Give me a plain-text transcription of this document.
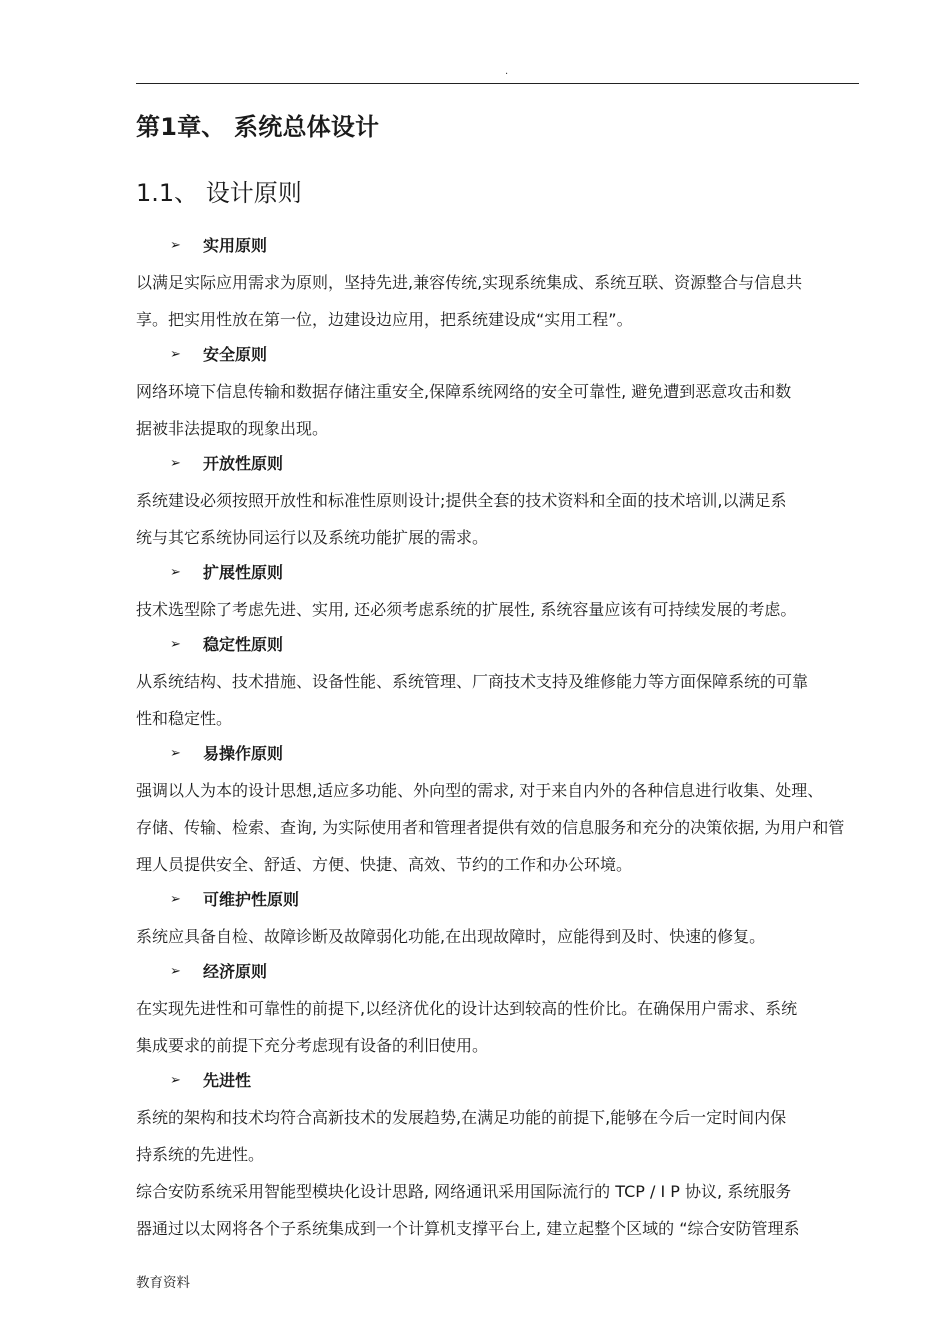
.
第1章、 系统总体设计
1.1、 设计原则
➢	实用原则
以满足实际应用需求为原则，坚持先进,兼容传统,实现系统集成、系统互联、资源整合与信息共
享。把实用性放在第一位，边建设边应用，把系统建设成“实用工程”。
➢	安全原则
网络环境下信息传输和数据存储注重安全,保障系统网络的安全可靠性, 避免遭到恶意攻击和数
据被非法提取的现象出现。
➢	开放性原则
系统建设必须按照开放性和标准性原则设计;提供全套的技术资料和全面的技术培训,以满足系
统与其它系统协同运行以及系统功能扩展的需求。
➢	扩展性原则
技术选型除了考虑先进、实用, 还必须考虑系统的扩展性, 系统容量应该有可持续发展的考虑。
➢	稳定性原则
从系统结构、技术措施、设备性能、系统管理、厂商技术支持及维修能力等方面保障系统的可靠
性和稳定性。
➢	易操作原则
强调以人为本的设计思想,适应多功能、外向型的需求, 对于来自内外的各种信息进行收集、处理、
存储、传输、检索、查询, 为实际使用者和管理者提供有效的信息服务和充分的决策依据, 为用户和管
理人员提供安全、舒适、方便、快捷、高效、节约的工作和办公环境。
➢	可维护性原则
系统应具备自检、故障诊断及故障弱化功能,在出现故障时，应能得到及时、快速的修复。
➢	经济原则
在实现先进性和可靠性的前提下,以经济优化的设计达到较高的性价比。在确保用户需求、系统
集成要求的前提下充分考虑现有设备的利旧使用。
➢	先进性
系统的架构和技术均符合高新技术的发展趋势,在满足功能的前提下,能够在今后一定时间内保
持系统的先进性。
综合安防系统采用智能型模块化设计思路, 网络通讯采用国际流行的 TCP / I P 协议, 系统服务
器通过以太网将各个子系统集成到一个计算机支撑平台上, 建立起整个区域的 “综合安防管理系
教育资料
